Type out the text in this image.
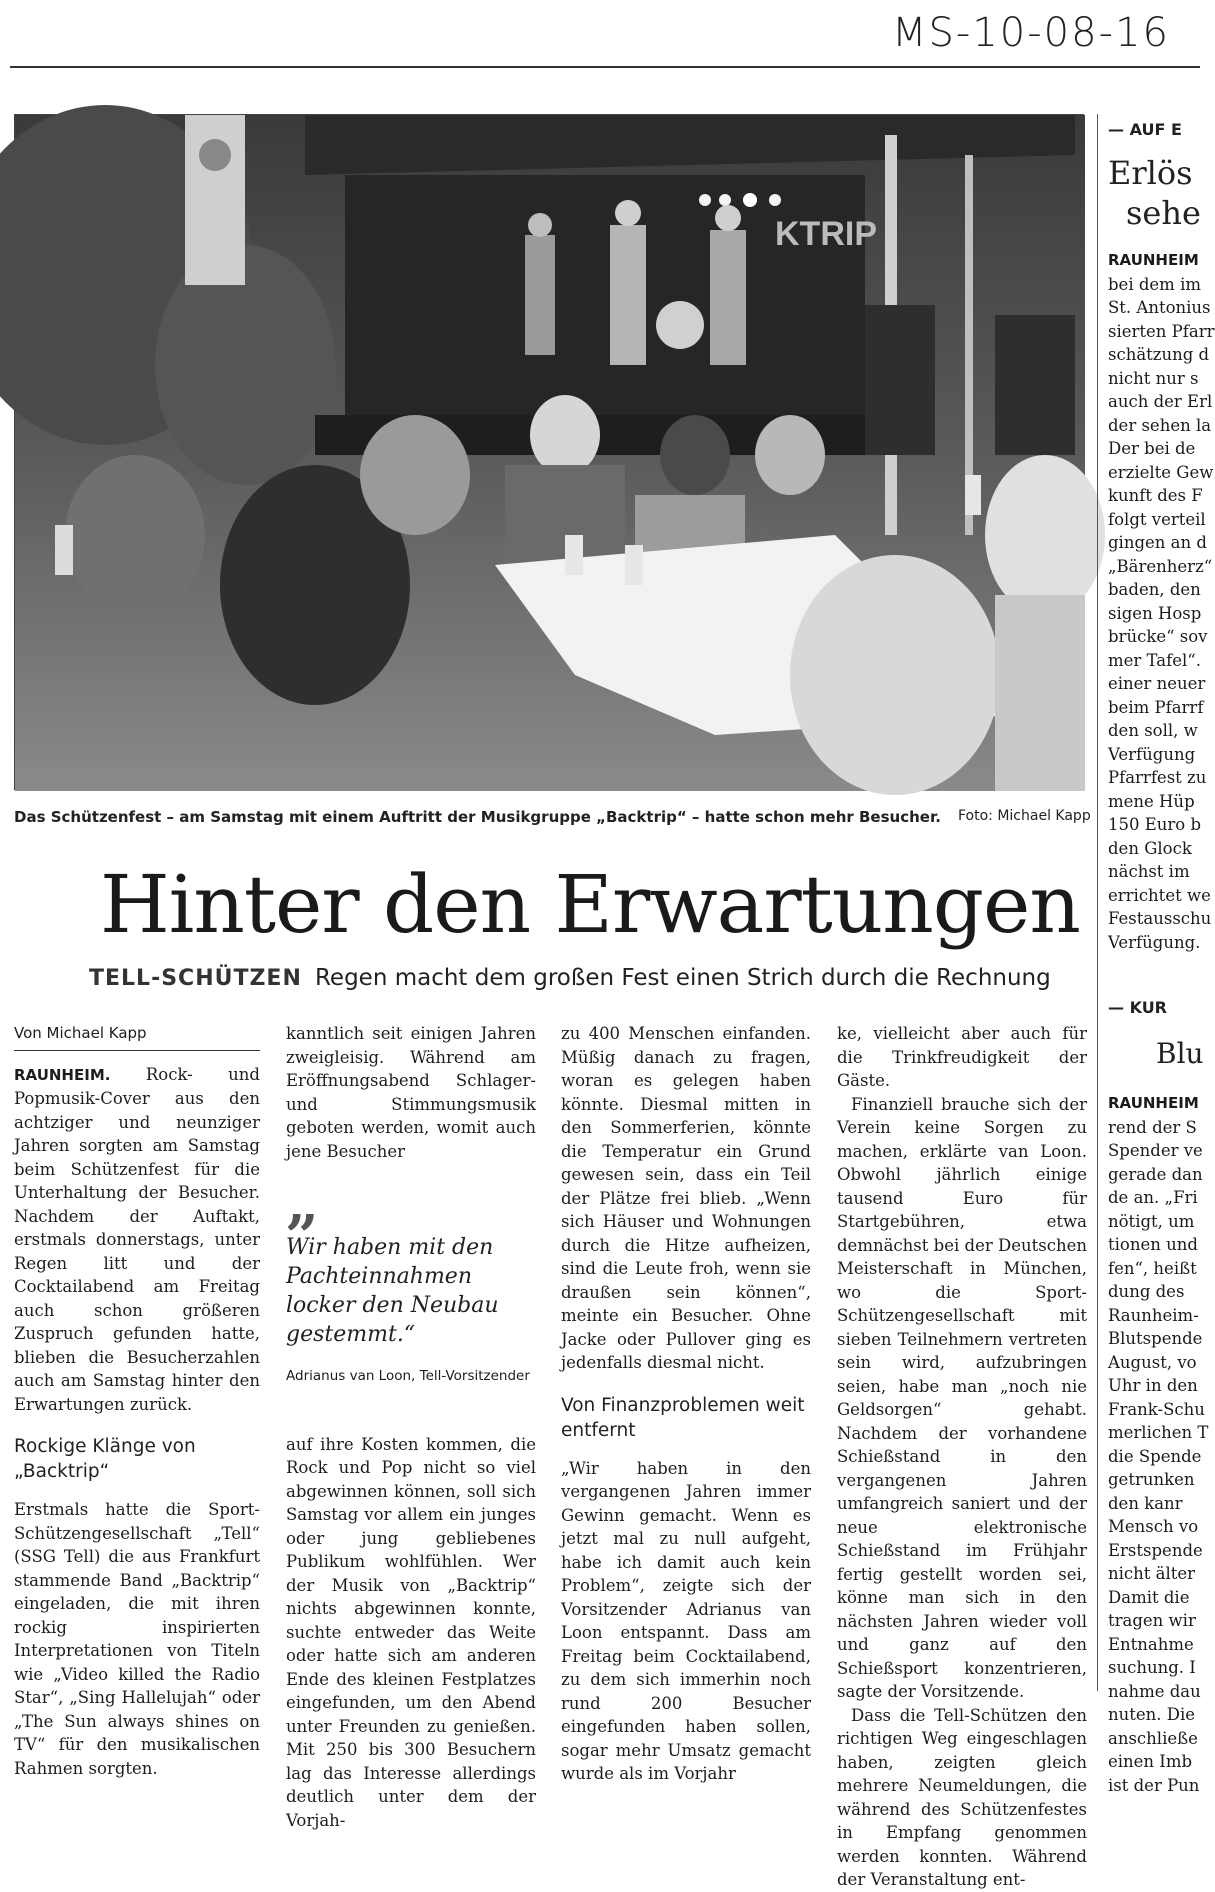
MS-10-08-16
KTRIP
Das Schützenfest – am Samstag mit einem Auftritt der Musikgruppe „Backtrip“ – hatte schon mehr Besucher. Foto: Michael Kapp
Hinter den Erwartungen
TELL-SCHÜTZEN Regen macht dem großen Fest einen Strich durch die Rechnung
Von Michael Kapp

RAUNHEIM. Rock- und Popmusik-Cover aus den achtziger und neunziger Jahren sorgten am Samstag beim Schützenfest für die Unterhaltung der Besucher. Nachdem der Auftakt, erstmals donnerstags, unter Regen litt und der Cocktailabend am Freitag auch schon größeren Zuspruch gefunden hatte, blieben die Besucherzahlen auch am Samstag hinter den Erwartungen zurück.

Rockige Klänge von „Backtrip“

Erstmals hatte die Sport-Schützengesellschaft „Tell“ (SSG Tell) die aus Frankfurt stammende Band „Backtrip“ eingeladen, die mit ihren rockig inspirierten Interpretationen von Titeln wie „Video killed the Radio Star“, „Sing Hallelujah“ oder „The Sun always shines on TV“ für den musikalischen Rahmen sorgten.

kanntlich seit einigen Jahren zweigleisig. Während am Eröffnungsabend Schlager- und Stimmungsmusik geboten werden, womit auch jene Besucher

„
Wir haben mit den Pachteinnahmen locker den Neubau gestemmt.“
Adrianus van Loon, Tell-Vorsitzender

auf ihre Kosten kommen, die Rock und Pop nicht so viel abgewinnen können, soll sich Samstag vor allem ein junges oder jung gebliebenes Publikum wohlfühlen. Wer der Musik von „Backtrip“ nichts abgewinnen konnte, suchte entweder das Weite oder hatte sich am anderen Ende des kleinen Festplatzes eingefunden, um den Abend unter Freunden zu genießen. Mit 250 bis 300 Besuchern lag das Interesse allerdings deutlich unter dem der Vorjah-

zu 400 Menschen einfanden. Müßig danach zu fragen, woran es gelegen haben könnte. Diesmal mitten in den Sommerferien, könnte die Temperatur ein Grund gewesen sein, dass ein Teil der Plätze frei blieb. „Wenn sich Häuser und Wohnungen durch die Hitze aufheizen, sind die Leute froh, wenn sie draußen sein können“, meinte ein Besucher. Ohne Jacke oder Pullover ging es jedenfalls diesmal nicht.

Von Finanzproblemen weit entfernt

„Wir haben in den vergangenen Jahren immer Gewinn gemacht. Wenn es jetzt mal zu null aufgeht, habe ich damit auch kein Problem“, zeigte sich der Vorsitzender Adrianus van Loon entspannt. Dass am Freitag beim Cocktailabend, zu dem sich immerhin noch rund 200 Besucher eingefunden haben sollen, sogar mehr Umsatz gemacht wurde als im Vorjahr

ke, vielleicht aber auch für die Trinkfreudigkeit der Gäste.

Finanziell brauche sich der Verein keine Sorgen zu machen, erklärte van Loon. Obwohl jährlich einige tausend Euro für Startgebühren, etwa demnächst bei der Deutschen Meisterschaft in München, wo die Sport-Schützengesellschaft mit sieben Teilnehmern vertreten sein wird, aufzubringen seien, habe man „noch nie Geldsorgen“ gehabt. Nachdem der vorhandene Schießstand in den vergangenen Jahren umfangreich saniert und der neue elektronische Schießstand im Frühjahr fertig gestellt worden sei, könne man sich in den nächsten Jahren wieder voll und ganz auf den Schießsport konzentrieren, sagte der Vorsitzende.

Dass die Tell-Schützen den richtigen Weg eingeschlagen haben, zeigten gleich mehrere Neumeldungen, die während des Schützenfestes in Empfang genommen werden konnten. Während der Veranstaltung ent-

— AUF E
Erlös
sehe
RAUNHEIM
bei dem im
St. Antonius
sierten Pfarr
schätzung d
nicht nur s
auch der Erl
der sehen la
Der bei de
erzielte Gew
kunft des F
folgt verteil
gingen an d
„Bärenherz“
baden, den
sigen Hosp
brücke“ sov
mer Tafel“.
einer neuer
beim Pfarrf
den soll, w
Verfügung
Pfarrfest zu
mene Hüp
150 Euro b
den Glock
nächst im
errichtet we
Festausschu
Verfügung.
— KUR
Blu
RAUNHEIM
rend der S
Spender ve
gerade dan
de an. „Fri
nötigt, um
tionen und
fen“, heißt
dung des
Raunheim-
Blutspende
August, vo
Uhr in den
Frank-Schu
merlichen T
die Spende
getrunken
den kanr
Mensch vo
Erstspende
nicht älter
Damit die
tragen wir
Entnahme
suchung. I
nahme dau
nuten. Die
anschließe
einen Imb
ist der Pun
